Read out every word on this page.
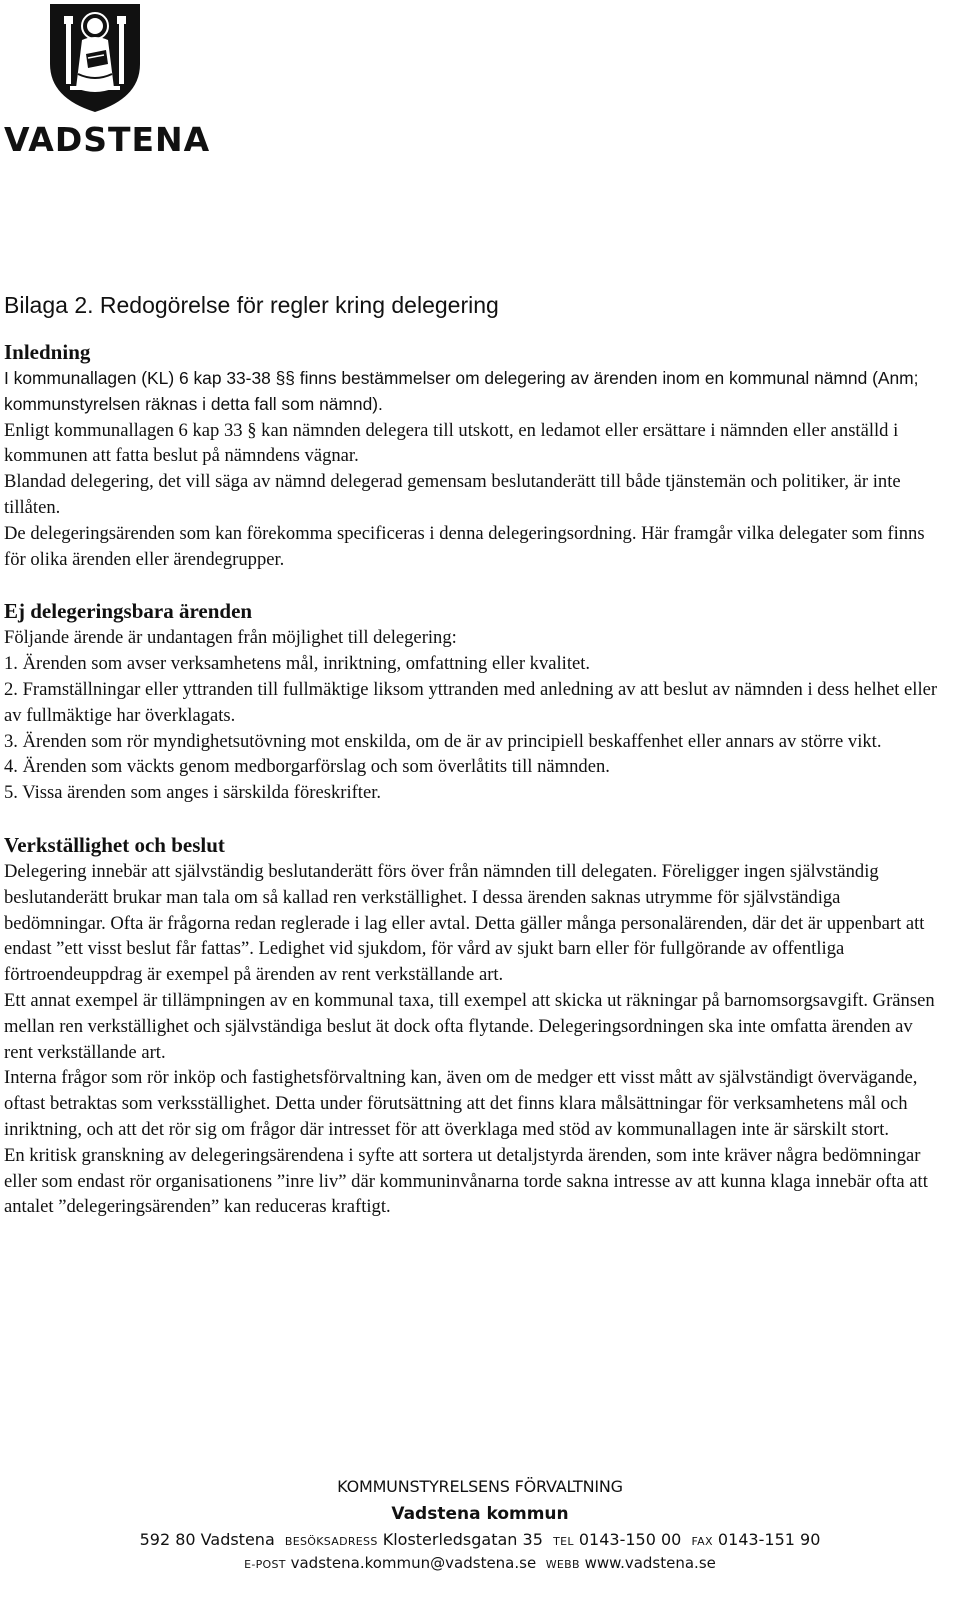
VADSTENA
Bilaga 2. Redogörelse för regler kring delegering
Inledning

I kommunallagen (KL) 6 kap 33-38 §§ finns bestämmelser om delegering av ärenden inom en kommunal nämnd (Anm; kommunstyrelsen räknas i detta fall som nämnd).

Enligt kommunallagen 6 kap 33 § kan nämnden delegera till utskott, en ledamot eller ersättare i nämnden eller anställd i kommunen att fatta beslut på nämndens vägnar.

Blandad delegering, det vill säga av nämnd delegerad gemensam beslutanderätt till både tjänstemän och politiker, är inte tillåten.

De delegeringsärenden som kan förekomma specificeras i denna delegeringsordning. Här framgår vilka delegater som finns för olika ärenden eller ärendegrupper.

Ej delegeringsbara ärenden

Följande ärende är undantagen från möjlighet till delegering:

1. Ärenden som avser verksamhetens mål, inriktning, omfattning eller kvalitet.

2. Framställningar eller yttranden till fullmäktige liksom yttranden med anledning av att beslut av nämnden i dess helhet eller av fullmäktige har överklagats.

3. Ärenden som rör myndighetsutövning mot enskilda, om de är av principiell beskaffenhet eller annars av större vikt.

4. Ärenden som väckts genom medborgarförslag och som överlåtits till nämnden.

5. Vissa ärenden som anges i särskilda föreskrifter.

Verkställighet och beslut

Delegering innebär att självständig beslutanderätt förs över från nämnden till delegaten. Föreligger ingen självständig beslutanderätt brukar man tala om så kallad ren verkställighet. I dessa ärenden saknas utrymme för självständiga bedömningar. Ofta är frågorna redan reglerade i lag eller avtal. Detta gäller många personalärenden, där det är uppenbart att endast ”ett visst beslut får fattas”. Ledighet vid sjukdom, för vård av sjukt barn eller för fullgörande av offentliga förtroendeuppdrag är exempel på ärenden av rent verkställande art.

Ett annat exempel är tillämpningen av en kommunal taxa, till exempel att skicka ut räkningar på barnomsorgsavgift. Gränsen mellan ren verkställighet och självständiga beslut ät dock ofta flytande. Delegeringsordningen ska inte omfatta ärenden av rent verkställande art.

Interna frågor som rör inköp och fastighetsförvaltning kan, även om de medger ett visst mått av självständigt övervägande, oftast betraktas som verksställighet. Detta under förutsättning att det finns klara målsättningar för verksamhetens mål och inriktning, och att det rör sig om frågor där intresset för att överklaga med stöd av kommunallagen inte är särskilt stort.

En kritisk granskning av delegeringsärendena i syfte att sortera ut detaljstyrda ärenden, som inte kräver några bedömningar eller som endast rör organisationens ”inre liv” där kommuninvånarna torde sakna intresse av att kunna klaga innebär ofta att antalet ”delegeringsärenden” kan reduceras kraftigt.

KOMMUNSTYRELSENS FÖRVALTNING
Vadstena kommun
592 80 Vadstena BESÖKSADRESS Klosterledsgatan 35 TEL 0143-150 00 FAX 0143-151 90
E-POST vadstena.kommun@vadstena.se WEBB www.vadstena.se
